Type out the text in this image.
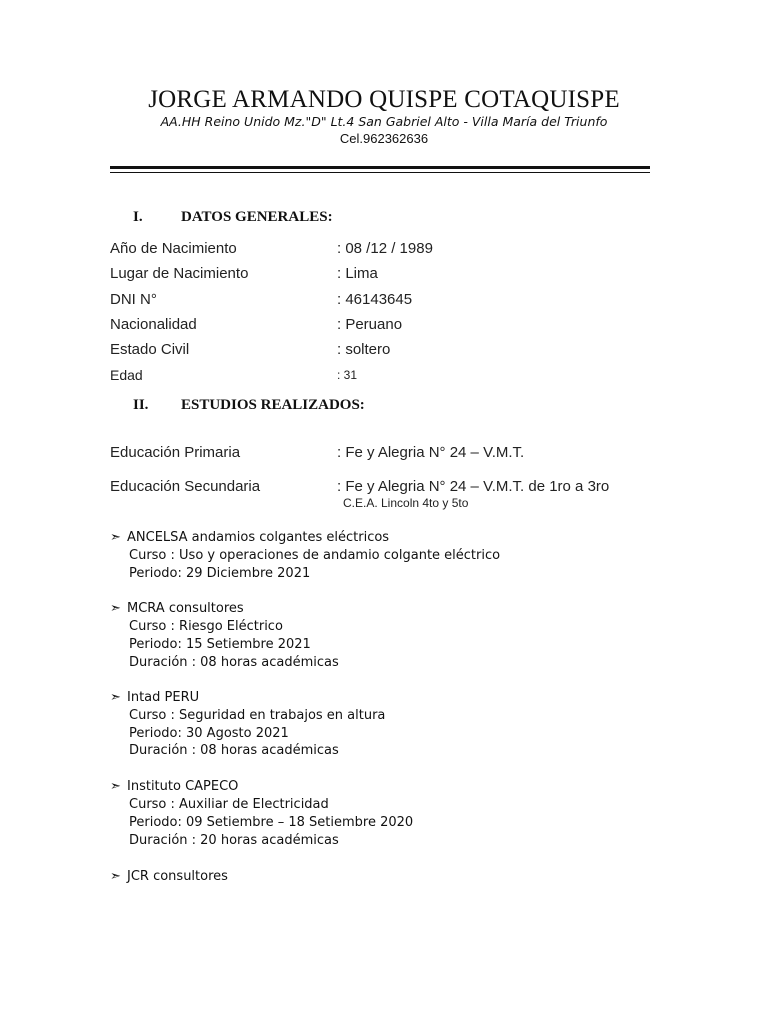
JORGE ARMANDO QUISPE COTAQUISPE
AA.HH Reino Unido Mz."D" Lt.4 San Gabriel Alto - Villa María del Triunfo
Cel.962362636
I.	DATOS GENERALES:
Año de Nacimiento	: 08 /12 / 1989
Lugar de Nacimiento	: Lima
DNI N°	: 46143645
Nacionalidad	: Peruano
Estado Civil	: soltero
Edad	: 31
II. ESTUDIOS REALIZADOS:
Educación Primaria	: Fe y Alegria N° 24 – V.M.T.
Educación Secundaria	: Fe y Alegria N° 24 – V.M.T. de 1ro a 3ro
C.E.A. Lincoln 4to y 5to
➣ ANCELSA andamios colgantes eléctricos
Curso : Uso y operaciones de andamio colgante eléctrico
Periodo: 29 Diciembre 2021
➣ MCRA consultores
Curso : Riesgo Eléctrico
Periodo: 15 Setiembre 2021
Duración : 08 horas académicas
➣ Intad PERU
Curso : Seguridad en trabajos en altura
Periodo: 30 Agosto 2021
Duración : 08 horas académicas
➣ Instituto CAPECO
Curso : Auxiliar de Electricidad
Periodo: 09 Setiembre – 18 Setiembre 2020
Duración : 20 horas académicas
➣ JCR consultores
